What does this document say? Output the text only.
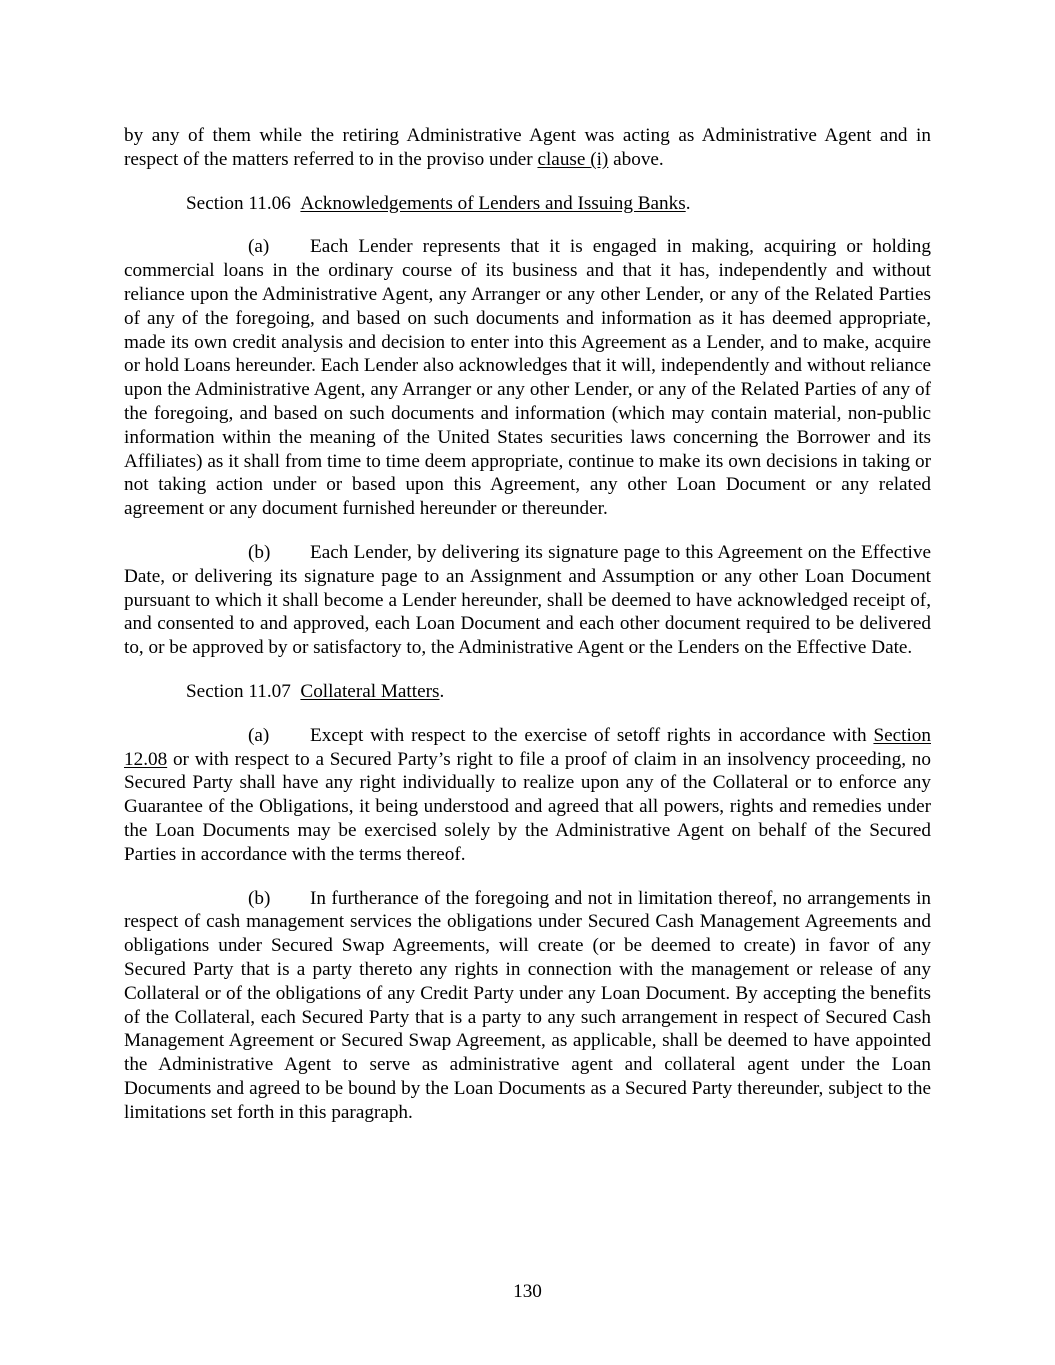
by any of them while the retiring Administrative Agent was acting as Administrative Agent and in respect of the matters referred to in the proviso under clause (i) above.

Section 11.06 Acknowledgements of Lenders and Issuing Banks.

(a) Each Lender represents that it is engaged in making, acquiring or holding commercial loans in the ordinary course of its business and that it has, independently and without reliance upon the Administrative Agent, any Arranger or any other Lender, or any of the Related Parties of any of the foregoing, and based on such documents and information as it has deemed appropriate, made its own credit analysis and decision to enter into this Agreement as a Lender, and to make, acquire or hold Loans hereunder. Each Lender also acknowledges that it will, independently and without reliance upon the Administrative Agent, any Arranger or any other Lender, or any of the Related Parties of any of the foregoing, and based on such documents and information (which may contain material, non-public information within the meaning of the United States securities laws concerning the Borrower and its Affiliates) as it shall from time to time deem appropriate, continue to make its own decisions in taking or not taking action under or based upon this Agreement, any other Loan Document or any related agreement or any document furnished hereunder or thereunder.

(b) Each Lender, by delivering its signature page to this Agreement on the Effective Date, or delivering its signature page to an Assignment and Assumption or any other Loan Document pursuant to which it shall become a Lender hereunder, shall be deemed to have acknowledged receipt of, and consented to and approved, each Loan Document and each other document required to be delivered to, or be approved by or satisfactory to, the Administrative Agent or the Lenders on the Effective Date.

Section 11.07 Collateral Matters.

(a) Except with respect to the exercise of setoff rights in accordance with Section 12.08 or with respect to a Secured Party’s right to file a proof of claim in an insolvency proceeding, no Secured Party shall have any right individually to realize upon any of the Collateral or to enforce any Guarantee of the Obligations, it being understood and agreed that all powers, rights and remedies under the Loan Documents may be exercised solely by the Administrative Agent on behalf of the Secured Parties in accordance with the terms thereof.

(b) In furtherance of the foregoing and not in limitation thereof, no arrangements in respect of cash management services the obligations under Secured Cash Management Agreements and obligations under Secured Swap Agreements, will create (or be deemed to create) in favor of any Secured Party that is a party thereto any rights in connection with the management or release of any Collateral or of the obligations of any Credit Party under any Loan Document. By accepting the benefits of the Collateral, each Secured Party that is a party to any such arrangement in respect of Secured Cash Management Agreement or Secured Swap Agreement, as applicable, shall be deemed to have appointed the Administrative Agent to serve as administrative agent and collateral agent under the Loan Documents and agreed to be bound by the Loan Documents as a Secured Party thereunder, subject to the limitations set forth in this paragraph.

130
